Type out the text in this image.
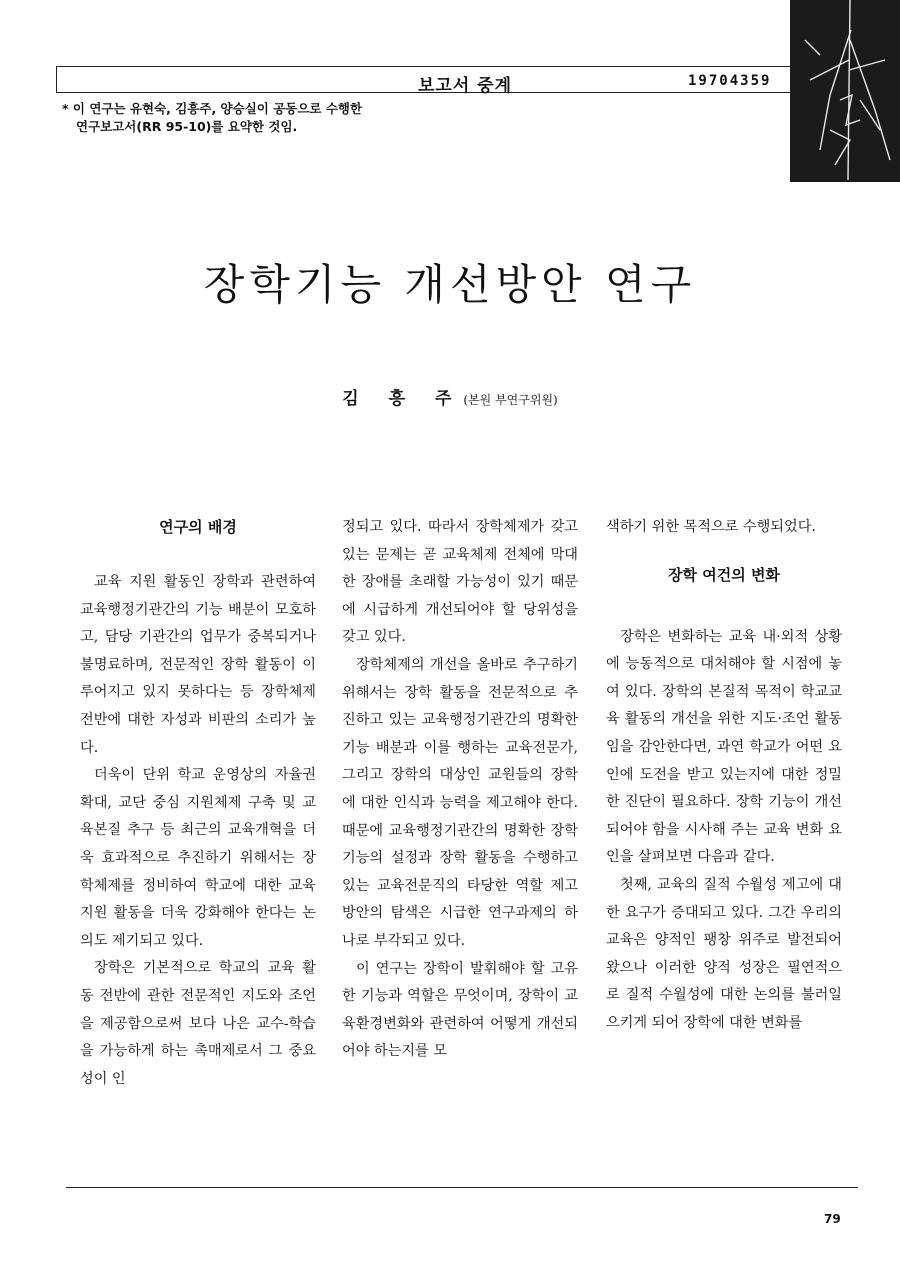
보고서 중계	19704359
* 이 연구는 유현숙, 김흥주, 양승실이 공동으로 수행한
연구보고서(RR 95-10)를 요약한 것임.
장학기능 개선방안 연구
김 흥 주(본원 부연구위원)
연구의 배경

교육 지원 활동인 장학과 관련하여 교육행정기관간의 기능 배분이 모호하고, 담당 기관간의 업무가 중복되거나 불명료하며, 전문적인 장학 활동이 이루어지고 있지 못하다는 등 장학체제 전반에 대한 자성과 비판의 소리가 높다.

더욱이 단위 학교 운영상의 자율권 확대, 교단 중심 지원체제 구축 및 교육본질 추구 등 최근의 교육개혁을 더욱 효과적으로 추진하기 위해서는 장학체제를 정비하여 학교에 대한 교육 지원 활동을 더욱 강화해야 한다는 논의도 제기되고 있다.

장학은 기본적으로 학교의 교육 활동 전반에 관한 전문적인 지도와 조언을 제공함으로써 보다 나은 교수-학습을 가능하게 하는 촉매제로서 그 중요성이 인

정되고 있다. 따라서 장학체제가 갖고 있는 문제는 곧 교육체제 전체에 막대한 장애를 초래할 가능성이 있기 때문에 시급하게 개선되어야 할 당위성을 갖고 있다.

장학체제의 개선을 올바로 추구하기 위해서는 장학 활동을 전문적으로 추진하고 있는 교육행정기관간의 명확한 기능 배분과 이를 행하는 교육전문가, 그리고 장학의 대상인 교원들의 장학에 대한 인식과 능력을 제고해야 한다. 때문에 교육행정기관간의 명확한 장학 기능의 설정과 장학 활동을 수행하고 있는 교육전문직의 타당한 역할 제고 방안의 탐색은 시급한 연구과제의 하나로 부각되고 있다.

이 연구는 장학이 발휘해야 할 고유한 기능과 역할은 무엇이며, 장학이 교육환경변화와 관련하여 어떻게 개선되어야 하는지를 모

색하기 위한 목적으로 수행되었다.

장학 여건의 변화

장학은 변화하는 교육 내·외적 상황에 능동적으로 대처해야 할 시점에 놓여 있다. 장학의 본질적 목적이 학교교육 활동의 개선을 위한 지도·조언 활동임을 감안한다면, 과연 학교가 어떤 요인에 도전을 받고 있는지에 대한 정밀한 진단이 필요하다. 장학 기능이 개선되어야 함을 시사해 주는 교육 변화 요인을 살펴보면 다음과 같다.

첫째, 교육의 질적 수월성 제고에 대한 요구가 증대되고 있다. 그간 우리의 교육은 양적인 팽창 위주로 발전되어 왔으나 이러한 양적 성장은 필연적으로 질적 수월성에 대한 논의를 불러일으키게 되어 장학에 대한 변화를

79
